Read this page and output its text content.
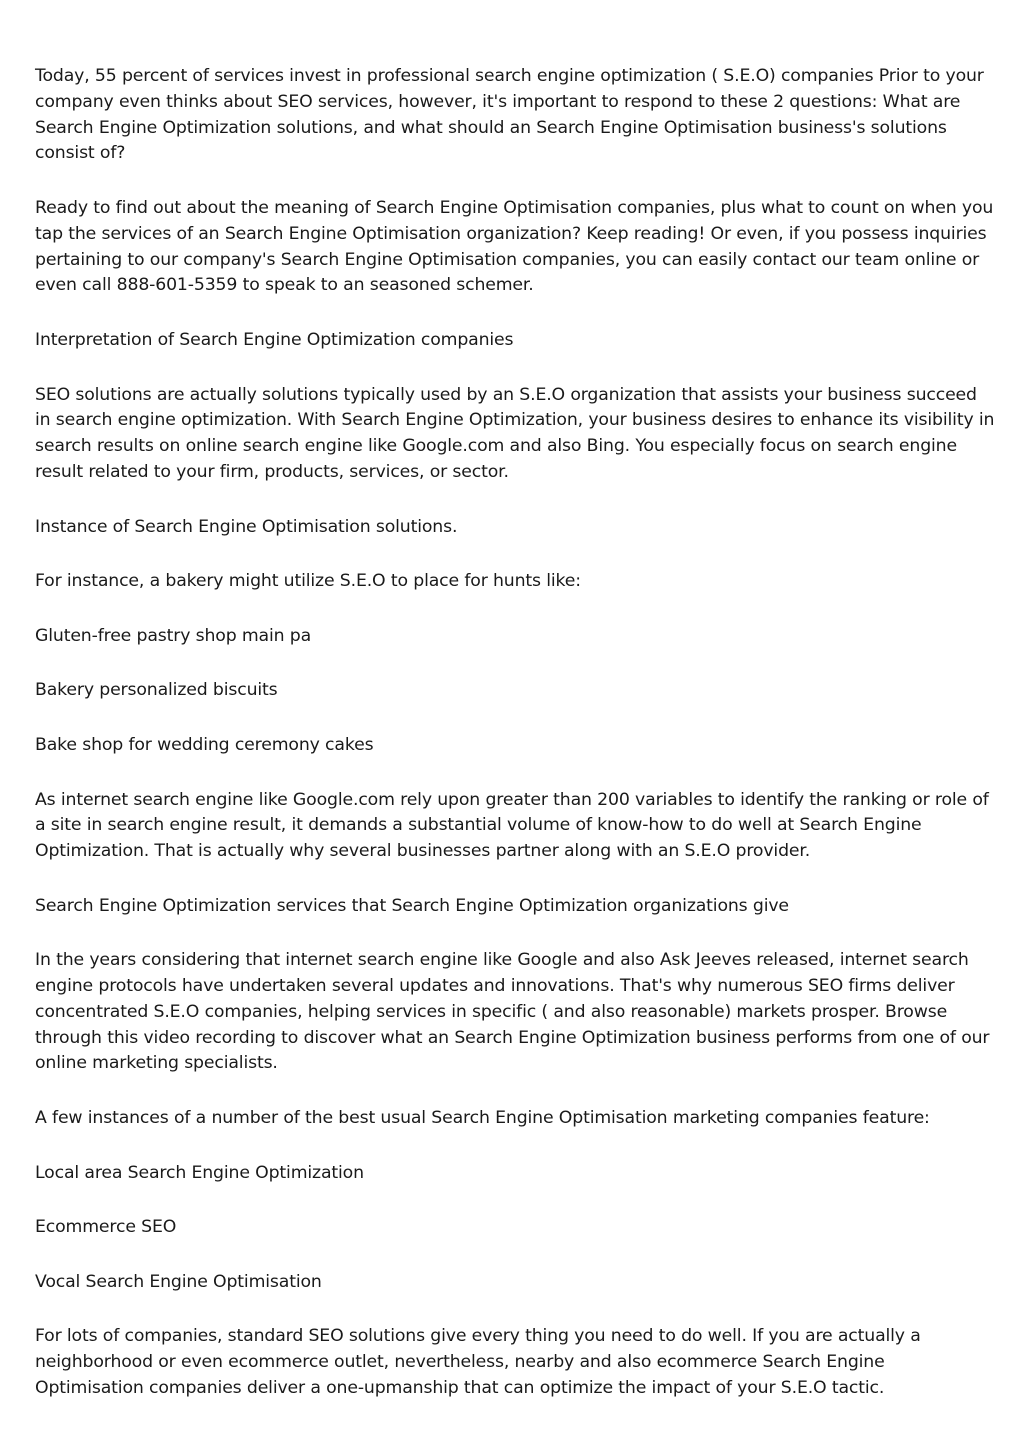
Today, 55 percent of services invest in professional search engine optimization ( S.E.O) companies Prior to your company even thinks about SEO services, however, it's important to respond to these 2 questions: What are Search Engine Optimization solutions, and what should an Search Engine Optimisation business's solutions consist of?

Ready to find out about the meaning of Search Engine Optimisation companies, plus what to count on when you tap the services of an Search Engine Optimisation organization? Keep reading! Or even, if you possess inquiries pertaining to our company's Search Engine Optimisation companies, you can easily contact our team online or even call 888-601-5359 to speak to an seasoned schemer.

Interpretation of Search Engine Optimization companies

SEO solutions are actually solutions typically used by an S.E.O organization that assists your business succeed in search engine optimization. With Search Engine Optimization, your business desires to enhance its visibility in search results on online search engine like Google.com and also Bing. You especially focus on search engine result related to your firm, products, services, or sector.

Instance of Search Engine Optimisation solutions.

For instance, a bakery might utilize S.E.O to place for hunts like:

Gluten-free pastry shop main pa

Bakery personalized biscuits

Bake shop for wedding ceremony cakes

As internet search engine like Google.com rely upon greater than 200 variables to identify the ranking or role of a site in search engine result, it demands a substantial volume of know-how to do well at Search Engine Optimization. That is actually why several businesses partner along with an S.E.O provider.

Search Engine Optimization services that Search Engine Optimization organizations give

In the years considering that internet search engine like Google and also Ask Jeeves released, internet search engine protocols have undertaken several updates and innovations. That's why numerous SEO firms deliver concentrated S.E.O companies, helping services in specific ( and also reasonable) markets prosper. Browse through this video recording to discover what an Search Engine Optimization business performs from one of our online marketing specialists.

A few instances of a number of the best usual Search Engine Optimisation marketing companies feature:

Local area Search Engine Optimization

Ecommerce SEO

Vocal Search Engine Optimisation

For lots of companies, standard SEO solutions give every thing you need to do well. If you are actually a neighborhood or even ecommerce outlet, nevertheless, nearby and also ecommerce Search Engine Optimisation companies deliver a one-upmanship that can optimize the impact of your S.E.O tactic.
